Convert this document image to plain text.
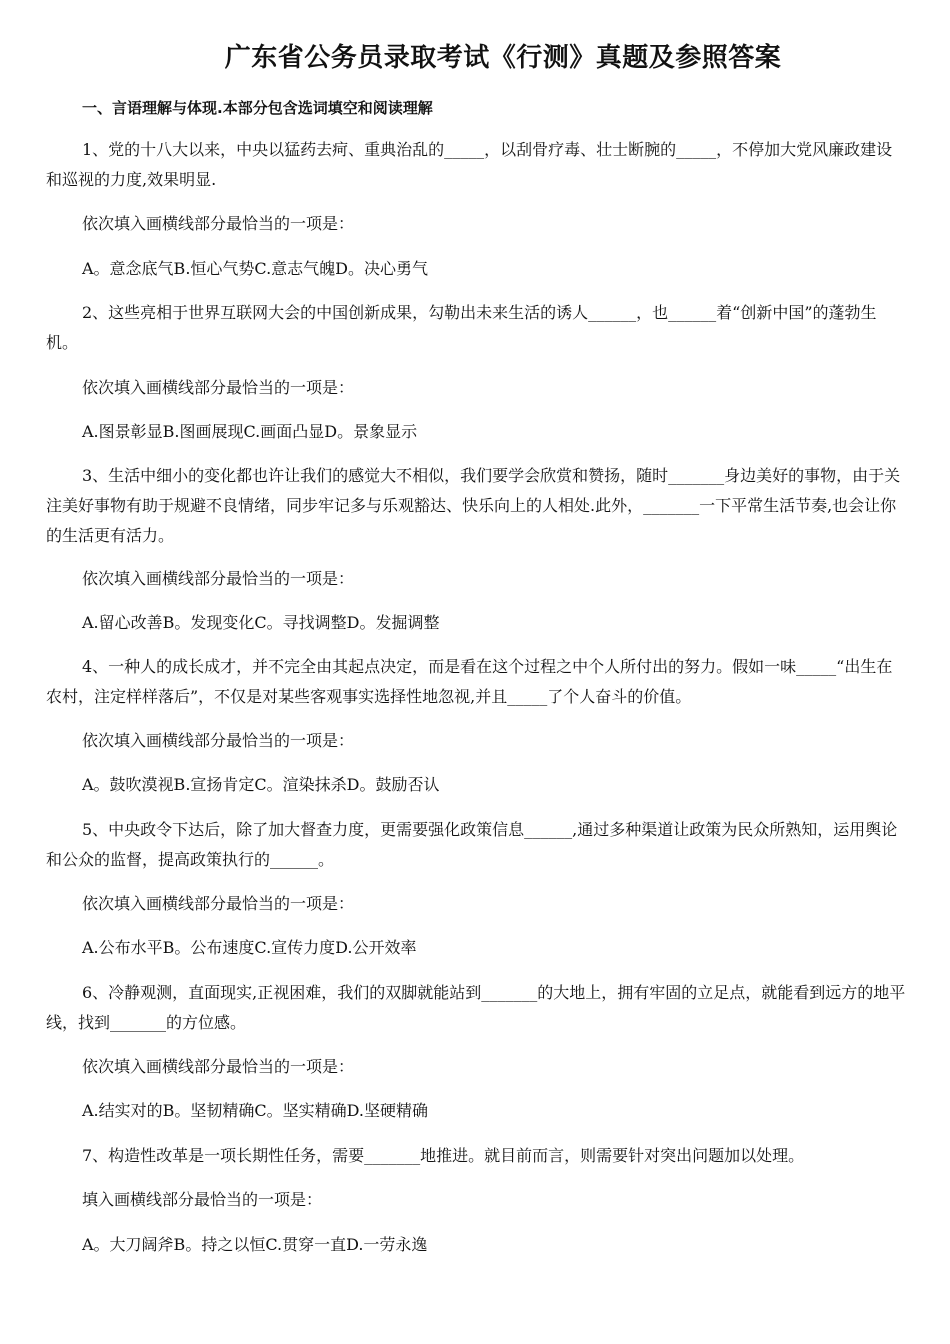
广东省公务员录取考试《行测》真题及参照答案
一、言语理解与体现.本部分包含选词填空和阅读理解

1、党的十八大以来，中央以猛药去疴、重典治乱的_____，以刮骨疗毒、壮士断腕的_____，不停加大党风廉政建设和巡视的力度,效果明显.

依次填入画横线部分最恰当的一项是：

A。意念底气B.恒心气势C.意志气魄D。决心勇气

2、这些亮相于世界互联网大会的中国创新成果，勾勒出未来生活的诱人______，也______着“创新中国”的蓬勃生机。

依次填入画横线部分最恰当的一项是：

A.图景彰显B.图画展现C.画面凸显D。景象显示

3、生活中细小的变化都也许让我们的感觉大不相似，我们要学会欣赏和赞扬，随时_______身边美好的事物，由于关注美好事物有助于规避不良情绪，同步牢记多与乐观豁达、快乐向上的人相处.此外，_______一下平常生活节奏,也会让你的生活更有活力。

依次填入画横线部分最恰当的一项是：

A.留心改善B。发现变化C。寻找调整D。发掘调整

4、一种人的成长成才，并不完全由其起点决定，而是看在这个过程之中个人所付出的努力。假如一味_____“出生在农村，注定样样落后”，不仅是对某些客观事实选择性地忽视,并且_____了个人奋斗的价值。

依次填入画横线部分最恰当的一项是：

A。鼓吹漠视B.宣扬肯定C。渲染抹杀D。鼓励否认

5、中央政令下达后，除了加大督查力度，更需要强化政策信息______,通过多种渠道让政策为民众所熟知，运用舆论和公众的监督，提高政策执行的______。

依次填入画横线部分最恰当的一项是：

A.公布水平B。公布速度C.宣传力度D.公开效率

6、冷静观测，直面现实,正视困难，我们的双脚就能站到_______的大地上，拥有牢固的立足点，就能看到远方的地平线，找到_______的方位感。

依次填入画横线部分最恰当的一项是：

A.结实对的B。坚韧精确C。坚实精确D.坚硬精确

7、构造性改革是一项长期性任务，需要_______地推进。就目前而言，则需要针对突出问题加以处理。

填入画横线部分最恰当的一项是：

A。大刀阔斧B。持之以恒C.贯穿一直D.一劳永逸
